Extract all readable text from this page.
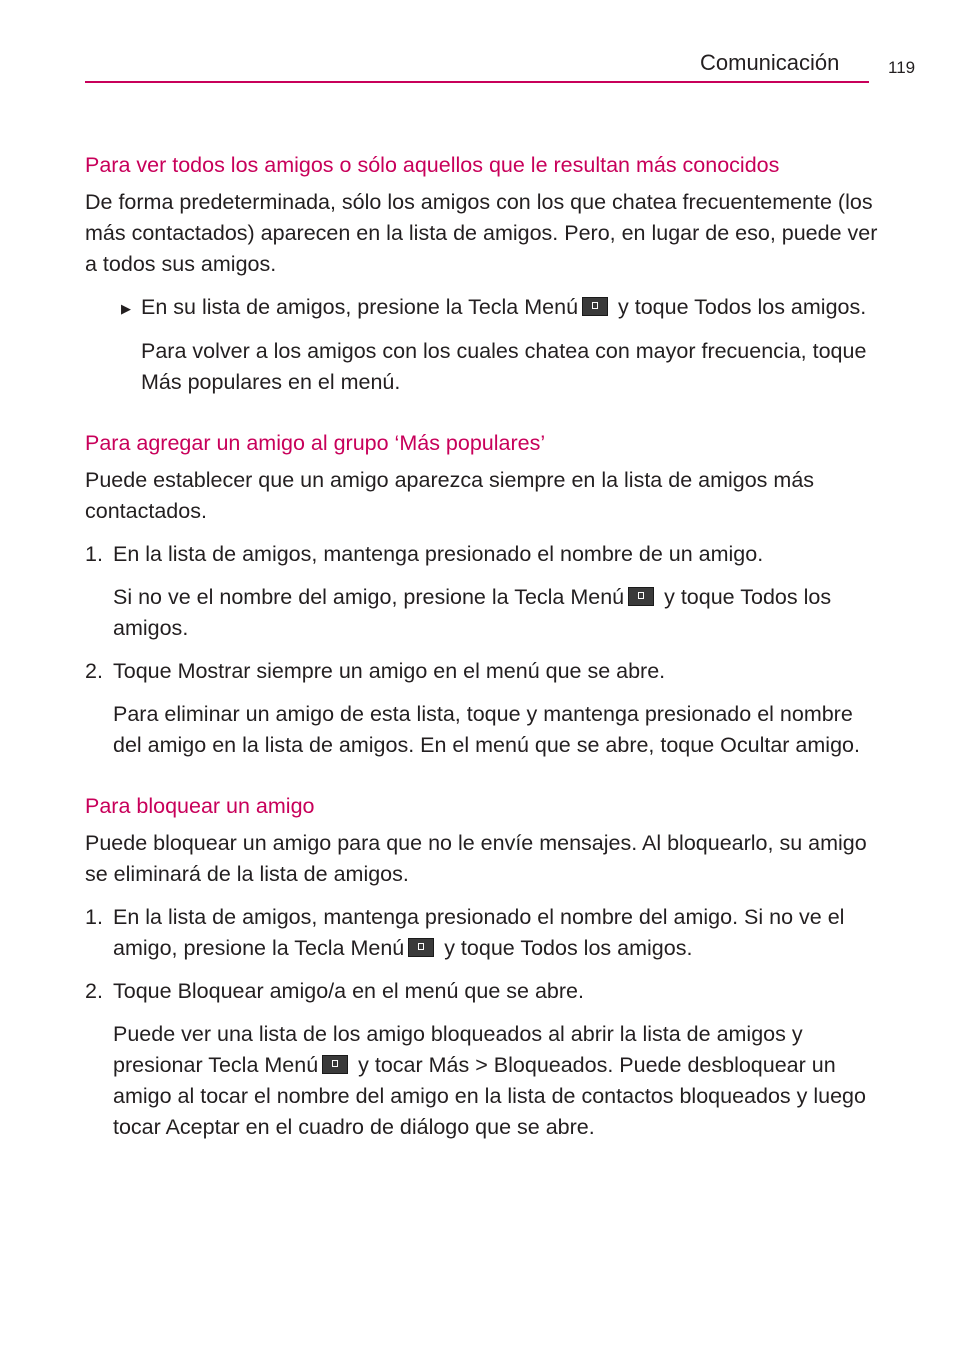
Comunicación	119
Para ver todos los amigos o sólo aquellos que le resultan más conocidos

De forma predeterminada, sólo los amigos con los que chatea frecuentemente (los más contactados) aparecen en la lista de amigos. Pero, en lugar de eso, puede ver a todos sus amigos.

▶ En su lista de amigos, presione la Tecla Menú y toque Todos los amigos.

Para volver a los amigos con los cuales chatea con mayor frecuencia, toque Más populares en el menú.

Para agregar un amigo al grupo ‘Más populares’

Puede establecer que un amigo aparezca siempre en la lista de amigos más contactados.

1. En la lista de amigos, mantenga presionado el nombre de un amigo.

Si no ve el nombre del amigo, presione la Tecla Menú y toque Todos los amigos.

2. Toque Mostrar siempre un amigo en el menú que se abre.

Para eliminar un amigo de esta lista, toque y mantenga presionado el nombre del amigo en la lista de amigos. En el menú que se abre, toque Ocultar amigo.

Para bloquear un amigo

Puede bloquear un amigo para que no le envíe mensajes. Al bloquearlo, su amigo se eliminará de la lista de amigos.

1. En la lista de amigos, mantenga presionado el nombre del amigo. Si no ve el amigo, presione la Tecla Menú y toque Todos los amigos.

2. Toque Bloquear amigo/a en el menú que se abre.

Puede ver una lista de los amigo bloqueados al abrir la lista de amigos y presionar Tecla Menú y tocar Más > Bloqueados. Puede desbloquear un amigo al tocar el nombre del amigo en la lista de contactos bloqueados y luego tocar Aceptar en el cuadro de diálogo que se abre.
